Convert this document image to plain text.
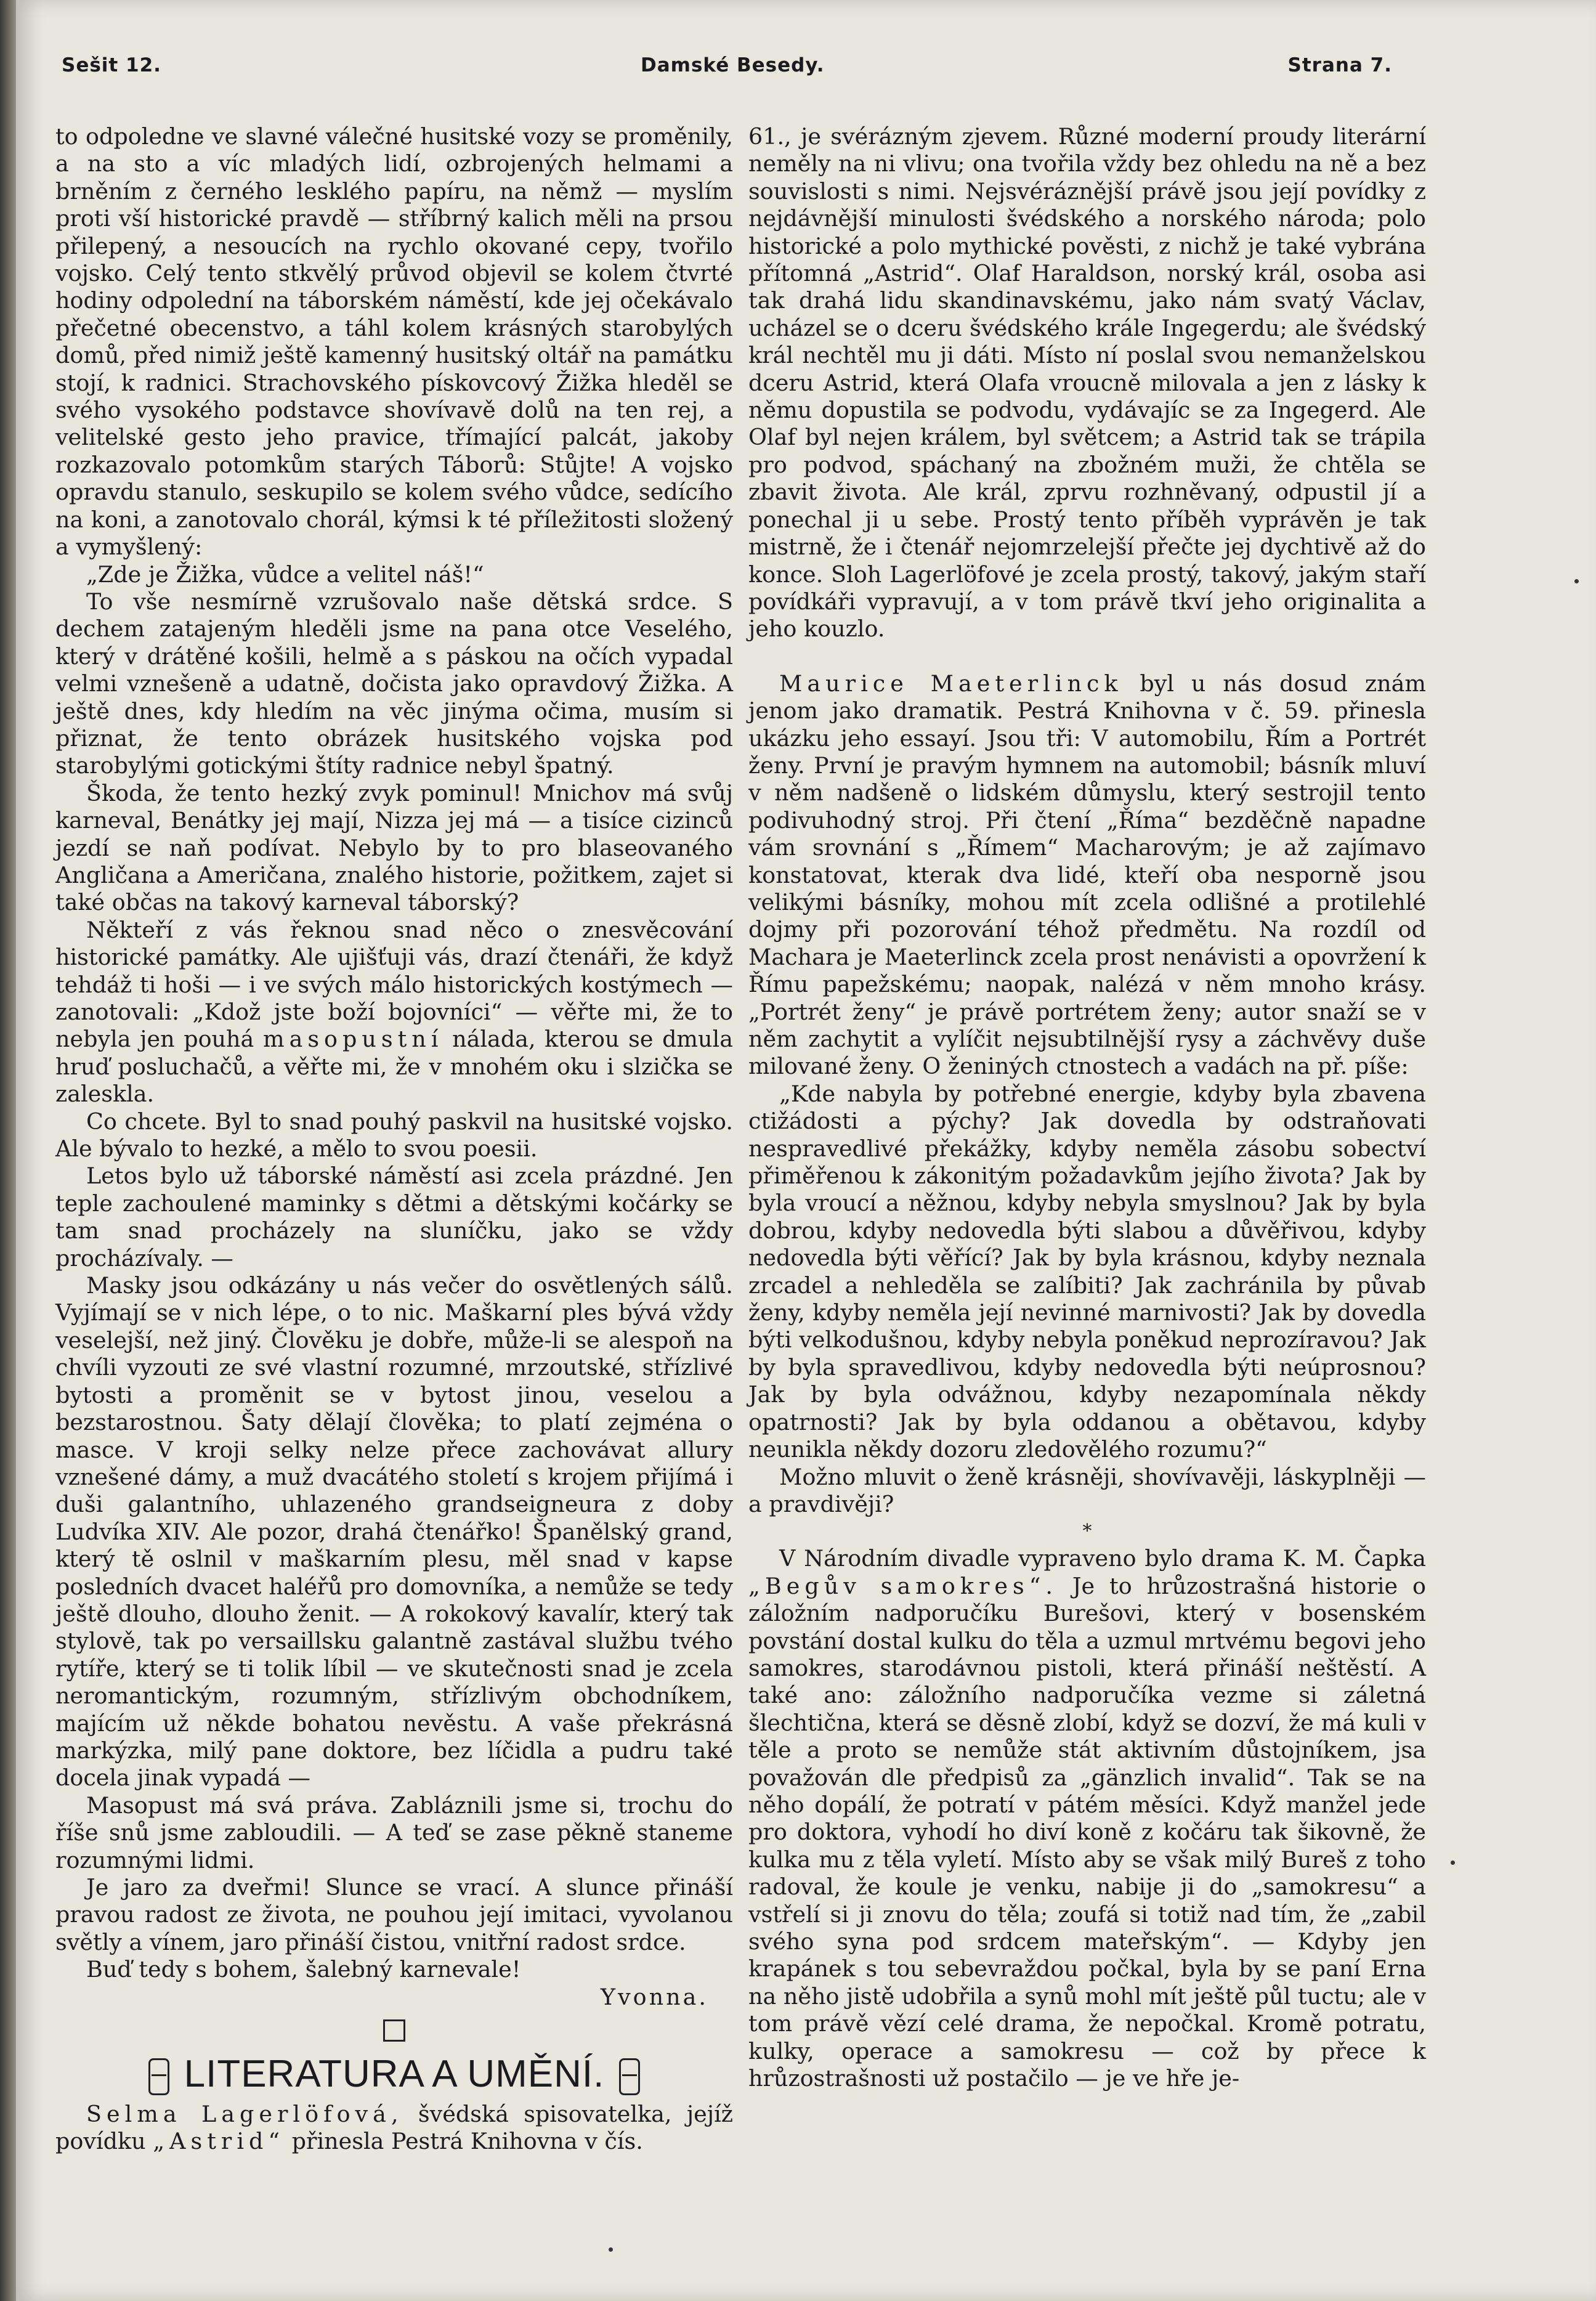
Sešit 12.	Damské Besedy.	Strana 7.

to odpoledne ve slavné válečné husitské vozy se proměnily, a na sto a víc mladých lidí, ozbrojených helmami a brněním z černého lesklého papíru, na němž — myslím proti vší historické pravdě — stříbrný kalich měli na prsou přilepený, a nesoucích na rychlo okované cepy, tvořilo vojsko. Celý tento stkvělý průvod objevil se kolem čtvrté hodiny odpolední na táborském náměstí, kde jej očekávalo přečetné obecenstvo, a táhl kolem krásných starobylých domů, před nimiž ještě kamenný husitský oltář na památku stojí, k radnici. Strachovského pískovcový Žižka hleděl se svého vysokého podstavce shovívavě dolů na ten rej, a velitelské gesto jeho pravice, třímající palcát, jakoby rozkazovalo potomkům starých Táborů: Stůjte! A vojsko opravdu stanulo, seskupilo se kolem svého vůdce, sedícího na koni, a zanotovalo chorál, kýmsi k té příležitosti složený a vymyšlený:

„Zde je Žižka, vůdce a velitel náš!“

To vše nesmírně vzrušovalo naše dětská srdce. S dechem zatajeným hleděli jsme na pana otce Veselého, který v drátěné košili, helmě a s páskou na očích vypadal velmi vznešeně a udatně, dočista jako opravdový Žižka. A ještě dnes, kdy hledím na věc jinýma očima, musím si přiznat, že tento obrázek husitského vojska pod starobylými gotickými štíty radnice nebyl špatný.

Škoda, že tento hezký zvyk pominul! Mnichov má svůj karneval, Benátky jej mají, Nizza jej má — a tisíce cizinců jezdí se naň podívat. Nebylo by to pro blaseovaného Angličana a Američana, znalého historie, požitkem, zajet si také občas na takový karneval táborský?

Někteří z vás řeknou snad něco o znesvěcování historické památky. Ale ujišťuji vás, drazí čtenáři, že když tehdáž ti hoši — i ve svých málo historických kostýmech — zanotovali: „Kdož jste boží bojovníci“ — věřte mi, že to nebyla jen pouhá masopustní nálada, kterou se dmula hruď posluchačů, a věřte mi, že v mnohém oku i slzička se zaleskla.

Co chcete. Byl to snad pouhý paskvil na husitské vojsko. Ale bývalo to hezké, a mělo to svou poesii.

Letos bylo už táborské náměstí asi zcela prázdné. Jen teple zachoulené maminky s dětmi a dětskými kočárky se tam snad procházely na sluníčku, jako se vždy procházívaly. —

Masky jsou odkázány u nás večer do osvětlených sálů. Vyjímají se v nich lépe, o to nic. Maškarní ples bývá vždy veselejší, než jiný. Člověku je dobře, může-li se alespoň na chvíli vyzouti ze své vlastní rozumné, mrzoutské, střízlivé bytosti a proměnit se v bytost jinou, veselou a bezstarostnou. Šaty dělají člověka; to platí zejména o masce. V kroji selky nelze přece zachovávat allury vznešené dámy, a muž dvacátého století s krojem přijímá i duši galantního, uhlazeného grandseigneura z doby Ludvíka XIV. Ale pozor, drahá čtenářko! Španělský grand, který tě oslnil v maškarním plesu, měl snad v kapse posledních dvacet haléřů pro domovníka, a nemůže se tedy ještě dlouho, dlouho ženit. — A rokokový kavalír, který tak stylově, tak po versaillsku galantně zastával službu tvého rytíře, který se ti tolik líbil — ve skutečnosti snad je zcela neromantickým, rozumným, střízlivým obchodníkem, majícím už někde bohatou nevěstu. A vaše překrásná markýzka, milý pane doktore, bez líčidla a pudru také docela jinak vypadá —

Masopust má svá práva. Zabláznili jsme si, trochu do říše snů jsme zabloudili. — A teď se zase pěkně staneme rozumnými lidmi.

Je jaro za dveřmi! Slunce se vrací. A slunce přináší pravou radost ze života, ne pouhou její imitaci, vyvolanou světly a vínem, jaro přináší čistou, vnitřní radost srdce.

Buď tedy s bohem, šalebný karnevale!

Yvonna.

LITERATURA A UMĚNÍ.

Selma Lagerlöfová, švédská spisovatelka, jejíž povídku „Astrid“ přinesla Pestrá Knihovna v čís.

61., je svérázným zjevem. Různé moderní proudy literární neměly na ni vlivu; ona tvořila vždy bez ohledu na ně a bez souvislosti s nimi. Nejsvéráznější právě jsou její povídky z nejdávnější minulosti švédského a norského národa; polo historické a polo mythické pověsti, z nichž je také vybrána přítomná „Astrid“. Olaf Haraldson, norský král, osoba asi tak drahá lidu skandinavskému, jako nám svatý Václav, ucházel se o dceru švédského krále Ingegerdu; ale švédský král nechtěl mu ji dáti. Místo ní poslal svou nemanželskou dceru Astrid, která Olafa vroucně milovala a jen z lásky k němu dopustila se podvodu, vydávajíc se za Ingegerd. Ale Olaf byl nejen králem, byl světcem; a Astrid tak se trápila pro podvod, spáchaný na zbožném muži, že chtěla se zbavit života. Ale král, zprvu rozhněvaný, odpustil jí a ponechal ji u sebe. Prostý tento příběh vyprávěn je tak mistrně, že i čtenář nejomrzelejší přečte jej dychtivě až do konce. Sloh Lagerlöfové je zcela prostý, takový, jakým staří povídkáři vypravují, a v tom právě tkví jeho originalita a jeho kouzlo.

Maurice Maeterlinck byl u nás dosud znám jenom jako dramatik. Pestrá Knihovna v č. 59. přinesla ukázku jeho essayí. Jsou tři: V automobilu, Řím a Portrét ženy. První je pravým hymnem na automobil; básník mluví v něm nadšeně o lidském důmyslu, který sestrojil tento podivuhodný stroj. Při čtení „Říma“ bezděčně napadne vám srovnání s „Římem“ Macharovým; je až zajímavo konstatovat, kterak dva lidé, kteří oba nesporně jsou velikými básníky, mohou mít zcela odlišné a protilehlé dojmy při pozorování téhož předmětu. Na rozdíl od Machara je Maeterlinck zcela prost nenávisti a opovržení k Římu papežskému; naopak, nalézá v něm mnoho krásy. „Portrét ženy“ je právě portrétem ženy; autor snaží se v něm zachytit a vylíčit nejsubtilnější rysy a záchvěvy duše milované ženy. O ženiných ctnostech a vadách na př. píše:

„Kde nabyla by potřebné energie, kdyby byla zbavena ctižádosti a pýchy? Jak dovedla by odstraňovati nespravedlivé překážky, kdyby neměla zásobu sobectví přiměřenou k zákonitým požadavkům jejího života? Jak by byla vroucí a něžnou, kdyby nebyla smyslnou? Jak by byla dobrou, kdyby nedovedla býti slabou a důvěřivou, kdyby nedovedla býti věřící? Jak by byla krásnou, kdyby neznala zrcadel a nehleděla se zalíbiti? Jak zachránila by půvab ženy, kdyby neměla její nevinné marnivosti? Jak by dovedla býti velkodušnou, kdyby nebyla poněkud neprozíravou? Jak by byla spravedlivou, kdyby nedovedla býti neúprosnou? Jak by byla odvážnou, kdyby nezapomínala někdy opatrnosti? Jak by byla oddanou a obětavou, kdyby neunikla někdy dozoru zledovělého rozumu?“

Možno mluvit o ženě krásněji, shovívavěji, láskyplněji — a pravdivěji?

*

V Národním divadle vypraveno bylo drama K. M. Čapka „Begův samokres“. Je to hrůzostrašná historie o záložním nadporučíku Burešovi, který v bosenském povstání dostal kulku do těla a uzmul mrtvému begovi jeho samokres, starodávnou pistoli, která přináší neštěstí. A také ano: záložního nadporučíka vezme si záletná šlechtična, která se děsně zlobí, když se dozví, že má kuli v těle a proto se nemůže stát aktivním důstojníkem, jsa považován dle předpisů za „gänzlich invalid“. Tak se na něho dopálí, že potratí v pátém měsíci. Když manžel jede pro doktora, vyhodí ho diví koně z kočáru tak šikovně, že kulka mu z těla vyletí. Místo aby se však milý Bureš z toho radoval, že koule je venku, nabije ji do „samokresu“ a vstřelí si ji znovu do těla; zoufá si totiž nad tím, že „zabil svého syna pod srdcem mateřským“. — Kdyby jen krapánek s tou sebevraždou počkal, byla by se paní Erna na něho jistě udobřila a synů mohl mít ještě půl tuctu; ale v tom právě vězí celé drama, že nepočkal. Kromě potratu, kulky, operace a samokresu — což by přece k hrůzostrašnosti už postačilo — je ve hře je-
